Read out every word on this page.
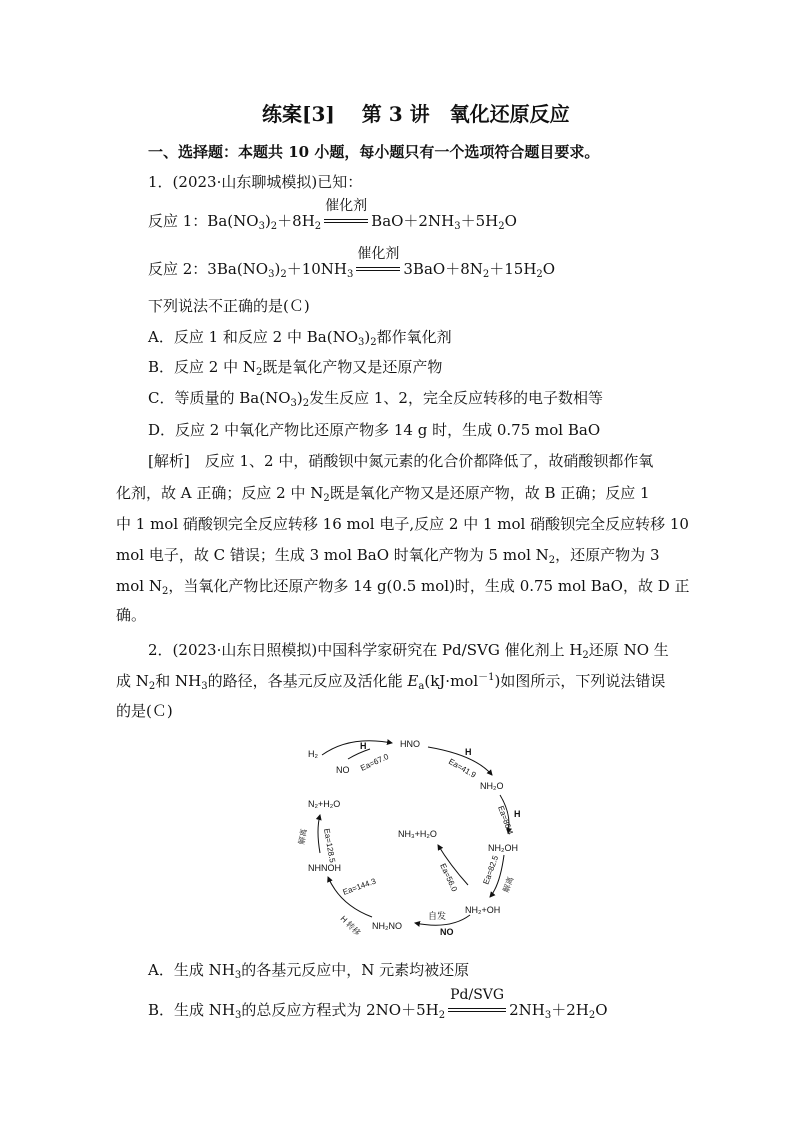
练案[3]　 第 3 讲　氧化还原反应
一、选择题：本题共 10 小题，每小题只有一个选项符合题目要求。
1．(2023·山东聊城模拟)已知：
反应 1：$Ba(NO_3)_2+8H_2$
催化剂
$BaO+2NH_3+5H_2O$
反应 2：$3Ba(NO_3)_2+10NH_3$
催化剂
$3BaO+8N_2+15H_2O$
下列说法不正确的是(Ｃ)
A．反应 1 和反应 2 中 $Ba(NO_3)_2$都作氧化剂
B．反应 2 中 $N_2$既是氧化产物又是还原产物
C．等质量的 $Ba(NO_3)_2$发生反应 1、2，完全反应转移的电子数相等
D．反应 2 中氧化产物比还原产物多 14 g 时，生成 0.75 mol BaO
[解析]　反应 1、2 中，硝酸钡中氮元素的化合价都降低了，故硝酸钡都作氧
化剂，故 A 正确；反应 2 中 $N_2$既是氧化产物又是还原产物，故 B 正确；反应 1
中 1 mol 硝酸钡完全反应转移 16 mol 电子,反应 2 中 1 mol 硝酸钡完全反应转移 10
mol 电子，故 C 错误；生成 3 mol BaO 时氧化产物为 5 mol $N_2$，还原产物为 3
mol $N_2$，当氧化产物比还原产物多 14 g(0.5 mol)时，生成 0.75 mol BaO，故 D 正
确。
2．(2023·山东日照模拟)中国科学家研究在 Pd/SVG 催化剂上 $H_2$还原 NO 生
成 $N_2$和 $NH_3$的路径，各基元反应及活化能 $E_a(kJ\cdot mol^{-1})$如图所示，下列说法错误
的是(Ｃ)
H₂
NO
H	HNO
Ea=67.0	H
Ea=41.9
NH₂O
Ea=86.4 H
NH₂OH
Ea=82.5 解离
NH₂+OH
NH₃+H₂O
Ea=56.0
自发
NO
NH₂NO
H 转移
Ea=144.3
NHNOH
Ea=128.5
解离
N₂+H₂O
A．生成 $NH_3$的各基元反应中，N 元素均被还原
B．生成 $NH_3$的总反应方程式为 $2NO+5H_2$
Pd/SVG
$2NH_3+2H_2O$
